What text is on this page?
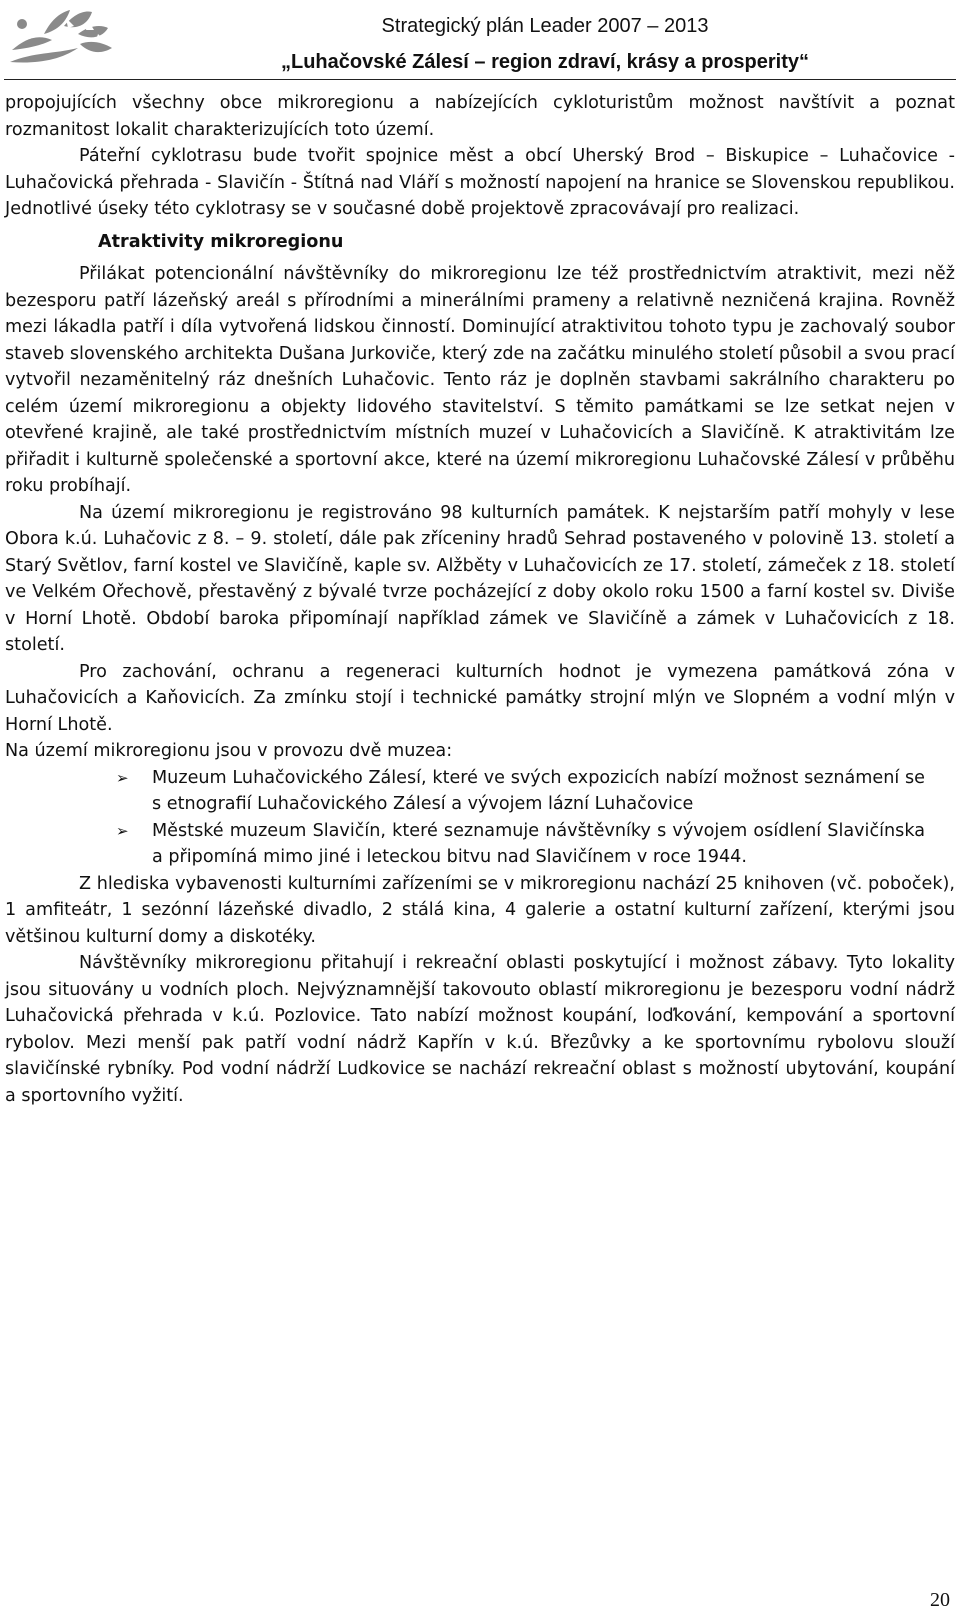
Strategický plán Leader 2007 – 2013
„Luhačovské Zálesí – region zdraví, krásy a prosperity“

propojujících všechny obce mikroregionu a nabízejících cykloturistům možnost navštívit a poznat rozmanitost lokalit charakterizujících toto území.

Páteřní cyklotrasu bude tvořit spojnice měst a obcí Uherský Brod – Biskupice – Luhačovice - Luhačovická přehrada - Slavičín - Štítná nad Vláří s možností napojení na hranice se Slovenskou republikou. Jednotlivé úseky této cyklotrasy se v současné době projektově zpracovávají pro realizaci.

Atraktivity mikroregionu

Přilákat potencionální návštěvníky do mikroregionu lze též prostřednictvím atraktivit, mezi něž bezesporu patří lázeňský areál s přírodními a minerálními prameny a relativně nezničená krajina. Rovněž mezi lákadla patří i díla vytvořená lidskou činností. Dominující atraktivitou tohoto typu je zachovalý soubor staveb slovenského architekta Dušana Jurkoviče, který zde na začátku minulého století působil a svou prací vytvořil nezaměnitelný ráz dnešních Luhačovic. Tento ráz je doplněn stavbami sakrálního charakteru po celém území mikroregionu a objekty lidového stavitelství. S těmito památkami se lze setkat nejen v otevřené krajině, ale také prostřednictvím místních muzeí v Luhačovicích a Slavičíně. K atraktivitám lze přiřadit i kulturně společenské a sportovní akce, které na území mikroregionu Luhačovské Zálesí v průběhu roku probíhají.

Na území mikroregionu je registrováno 98 kulturních památek. K nejstarším patří mohyly v lese Obora k.ú. Luhačovic z 8. – 9. století, dále pak zříceniny hradů Sehrad postaveného v polovině 13. století a Starý Světlov, farní kostel ve Slavičíně, kaple sv. Alžběty v Luhačovicích ze 17. století, zámeček z 18. století ve Velkém Ořechově, přestavěný z bývalé tvrze pocházející z doby okolo roku 1500 a farní kostel sv. Diviše v Horní Lhotě. Období baroka připomínají například zámek ve Slavičíně a zámek v Luhačovicích z 18. století.

Pro zachování, ochranu a regeneraci kulturních hodnot je vymezena památková zóna v Luhačovicích a Kaňovicích. Za zmínku stojí i technické památky strojní mlýn ve Slopném a vodní mlýn v Horní Lhotě.

Na území mikroregionu jsou v provozu dvě muzea:

➢ Muzeum Luhačovického Zálesí, které ve svých expozicích nabízí možnost seznámení se s etnografií Luhačovického Zálesí a vývojem lázní Luhačovice
➢ Městské muzeum Slavičín, které seznamuje návštěvníky s vývojem osídlení Slavičínska a připomíná mimo jiné i leteckou bitvu nad Slavičínem v roce 1944.

Z hlediska vybavenosti kulturními zařízeními se v mikroregionu nachází 25 knihoven (vč. poboček), 1 amfiteátr, 1 sezónní lázeňské divadlo, 2 stálá kina, 4 galerie a ostatní kulturní zařízení, kterými jsou většinou kulturní domy a diskotéky.

Návštěvníky mikroregionu přitahují i rekreační oblasti poskytující i možnost zábavy. Tyto lokality jsou situovány u vodních ploch. Nejvýznamnější takovouto oblastí mikroregionu je bezesporu vodní nádrž Luhačovická přehrada v k.ú. Pozlovice. Tato nabízí možnost koupání, loďkování, kempování a sportovní rybolov. Mezi menší pak patří vodní nádrž Kapřín v k.ú. Březůvky a ke sportovnímu rybolovu slouží slavičínské rybníky. Pod vodní nádrží Ludkovice se nachází rekreační oblast s možností ubytování, koupání a sportovního vyžití.

20
